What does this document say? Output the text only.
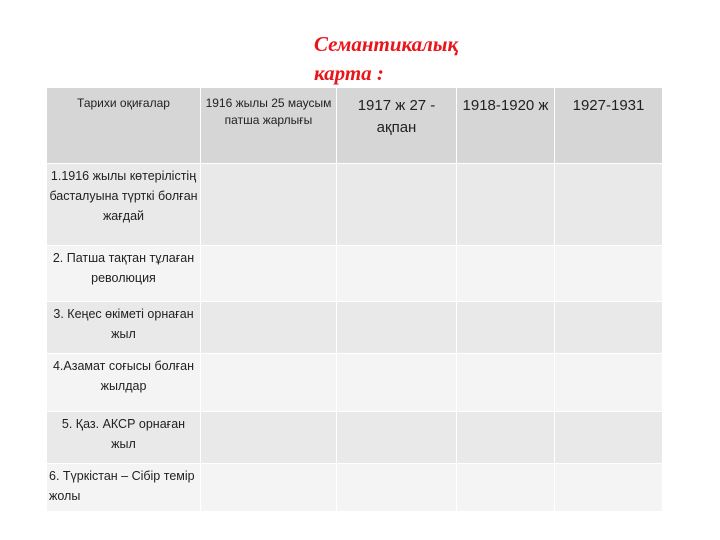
Семантикалық
карта :
Тарихи оқиғалар	1916 жылы 25 маусым патша жарлығы	1917 ж 27 - ақпан	1918-1920 ж	1927-1931
1.1916 жылы көтерілістің басталуына түрткі болған жағдай				
2. Патша тақтан тұлаған революция				
3. Кеңес өкіметі орнаған жыл				
4.Азамат соғысы болған жылдар				
5. Қаз. АКСР орнаған жыл				
6. Түркістан – Сібір темір жолы				
